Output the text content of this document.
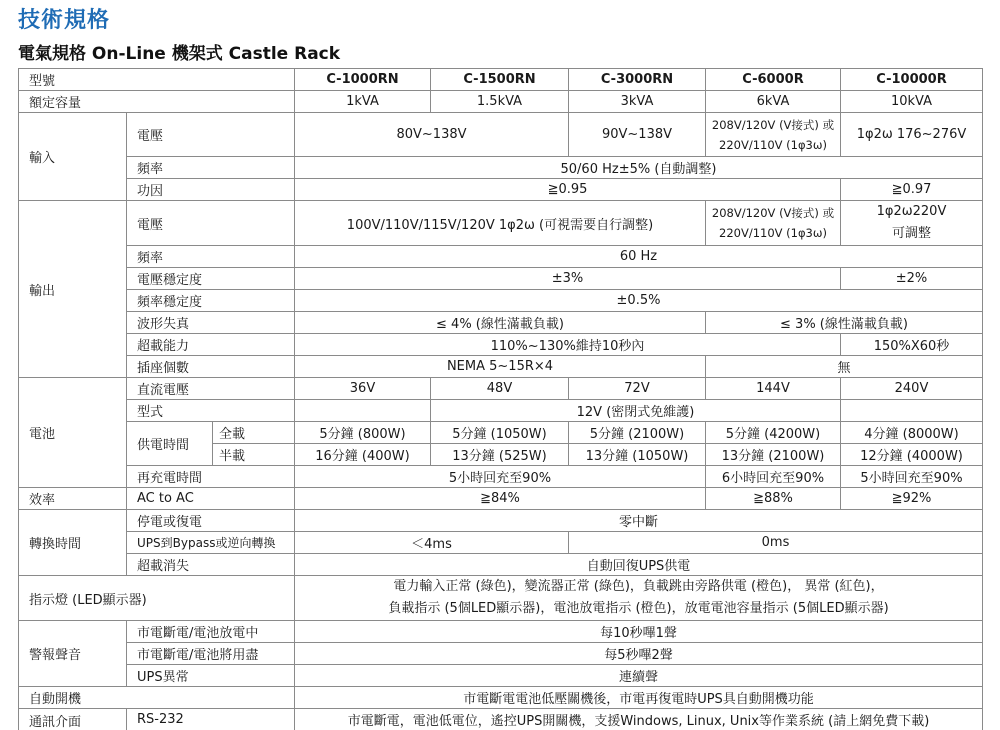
技術規格
電氣規格 On-Line 機架式 Castle Rack
型號			C-1000RN	C-1500RN	C-3000RN	C-6000R	C-10000R
額定容量			1kVA	1.5kVA	3kVA	6kVA	10kVA
輸入	電壓		80V~138V		90V~138V	208V/120V (V接式) 或
220V/110V (1φ3ω)	1φ2ω 176~276V
	頻率		50/60 Hz±5% (自動調整)				
	功因		≧0.95				≧0.97
輸出	電壓		100V/110V/115V/120V 1φ2ω (可視需要自行調整)			208V/120V (V接式) 或
220V/110V (1φ3ω)	1φ2ω220V
可調整

	頻率		60 Hz				
	電壓穩定度		±3%				±2%
	頻率穩定度		±0.5%				
	波形失真		≤ 4% (線性滿載負載)			≤ 3% (線性滿載負載)	
	超載能力		110%~130%維持10秒內				150%X60秒
	插座個數		NEMA 5~15R×4			無	
電池	直流電壓		36V	48V	72V	144V	240V
	型式			12V (密閉式免維護)			
	供電時間	全載	5分鐘 (800W)	5分鐘 (1050W)	5分鐘 (2100W)	5分鐘 (4200W)	4分鐘 (8000W)
		半載	16分鐘 (400W)	13分鐘 (525W)	13分鐘 (1050W)	13分鐘 (2100W)	12分鐘 (4000W)
	再充電時間		5小時回充至90%			6小時回充至90%	5小時回充至90%
效率	AC to AC		≧84%			≧88%	≧92%
轉換時間	停電或復電		零中斷				
	UPS到Bypass或逆向轉換		＜4ms		0ms		
	超載消失		自動回復UPS供電				
指示燈 (LED顯示器)			電力輸入正常 (綠色)，變流器正常 (綠色)，負載跳由旁路供電 (橙色)， 異常 (紅色)，
負載指示 (5個LED顯示器)，電池放電指示 (橙色)，放電電池容量指示 (5個LED顯示器)				

警報聲音	市電斷電/電池放電中		每10秒嗶1聲				
	市電斷電/電池將用盡		每5秒嗶2聲				
	UPS異常		連續聲				
自動開機			市電斷電電池低壓關機後，市電再復電時UPS具自動開機功能				
通訊介面	RS-232		市電斷電，電池低電位，遙控UPS開關機，支援Windows, Linux, Unix等作業系統 (請上網免費下載)				
